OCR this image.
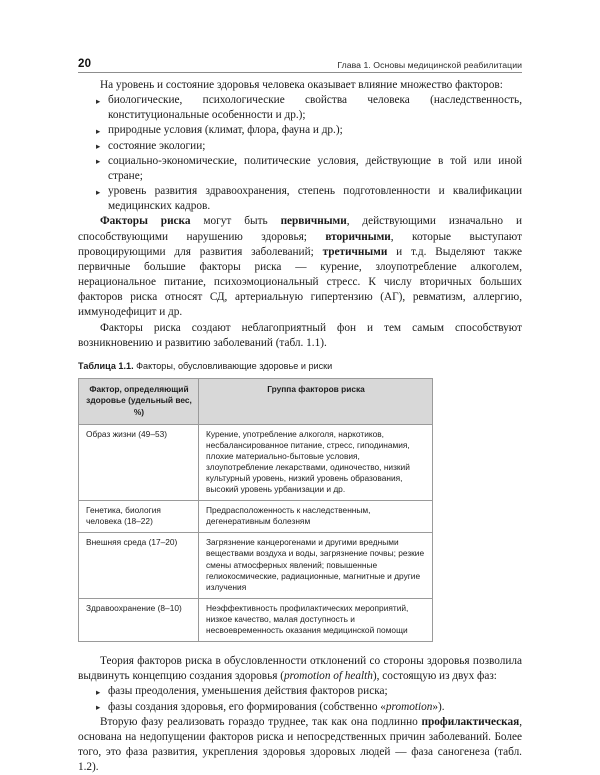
20	Глава 1. Основы медицинской реабилитации

На уровень и состояние здоровья человека оказывает влияние множество факторов:

▸ биологические, психологические свойства человека (наследственность, конституциональные особенности и др.);
▸ природные условия (климат, флора, фауна и др.);
▸ состояние экологии;
▸ социально-экономические, политические условия, действующие в той или иной стране;
▸ уровень развития здравоохранения, степень подготовленности и квалификации медицинских кадров.

Факторы риска могут быть первичными, действующими изначально и способствующими нарушению здоровья; вторичными, которые выступают провоцирующими для развития заболеваний; третичными и т.д. Выделяют также первичные большие факторы риска — курение, злоупотребление алкоголем, нерациональное питание, психоэмоциональный стресс. К числу вторичных больших факторов риска относят СД, артериальную гипертензию (АГ), ревматизм, аллергию, иммунодефицит и др.

Факторы риска создают неблагоприятный фон и тем самым способствуют возникновению и развитию заболеваний (табл. 1.1).

Таблица 1.1. Факторы, обусловливающие здоровье и риски

Фактор, определяющий здоровье (удельный вес, %)	Группа факторов риска
Образ жизни (49–53)	Курение, употребление алкоголя, наркотиков, несбалансированное питание, стресс, гиподинамия, плохие материально-бытовые условия, злоупотребление лекарствами, одиночество, низкий культурный уровень, низкий уровень образования, высокий уровень урбанизации и др.
Генетика, биология человека (18–22)	Предрасположенность к наследственным, дегенеративным болезням
Внешняя среда (17–20)	Загрязнение канцерогенами и другими вредными веществами воздуха и воды, загрязнение почвы; резкие смены атмосферных явлений; повышенные гелиокосмические, радиационные, магнитные и другие излучения
Здравоохранение (8–10)	Неэффективность профилактических мероприятий, низкое качество, малая доступность и несвоевременность оказания медицинской помощи

Теория факторов риска в обусловленности отклонений со стороны здоровья позволила выдвинуть концепцию создания здоровья (promotion of health), состоящую из двух фаз:

▸ фазы преодоления, уменьшения действия факторов риска;
▸ фазы создания здоровья, его формирования (собственно «promotion»).

Вторую фазу реализовать гораздо труднее, так как она подлинно профилактическая, основана на недопущении факторов риска и непосредственных причин заболеваний. Более того, это фаза развития, укрепления здоровья здоровых людей — фаза саногенеза (табл. 1.2).
